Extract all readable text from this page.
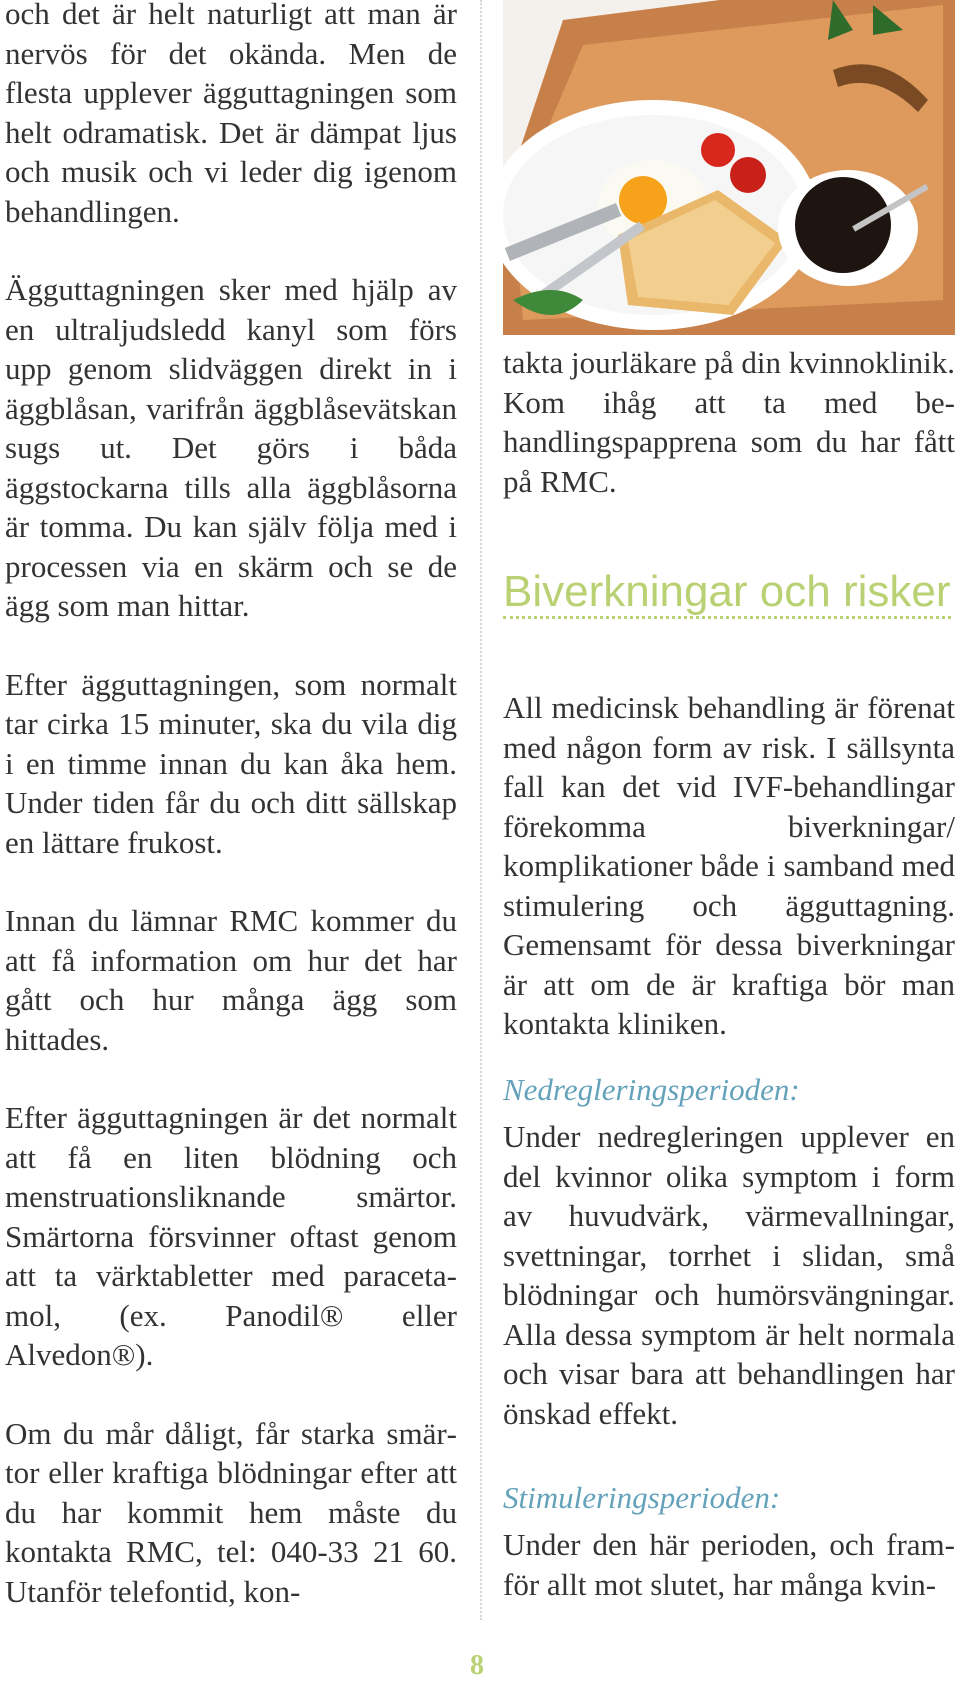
och det är helt naturligt att man är nervös för det okända. Men de flesta upplever ägguttagningen som helt odramatisk. Det är dämpat ljus och musik och vi leder dig igenom behandlingen.

Ägguttagningen sker med hjälp av en ultraljudsledd kanyl som förs upp genom slidväggen direkt in i äggblåsan, varifrån äggblåsevätskan sugs ut. Det görs i båda äggstockarna tills alla äggblåsorna är tomma. Du kan själv följa med i processen via en skärm och se de ägg som man hittar.

Efter ägguttagningen, som normalt tar cirka 15 minuter, ska du vila dig i en timme innan du kan åka hem. Under tiden får du och ditt sällskap en lättare frukost.

Innan du lämnar RMC kommer du att få information om hur det har gått och hur många ägg som hittades.

Efter ägguttagningen är det normalt att få en liten blödning och menstruationsliknande smärtor. Smärtorna försvinner oftast genom att ta värktabletter med paracetamol, (ex. Panodil® eller Alvedon®).

Om du mår dåligt, får starka smärtor eller kraftiga blödningar efter att du har kommit hem måste du kontakta RMC, tel: 040-33 21 60. Utanför telefontid, kon-

takta jourläkare på din kvinnoklinik. Kom ihåg att ta med behandlingspapprena som du har fått på RMC.

Biverkningar och risker

All medicinsk behandling är förenat med någon form av risk. I sällsynta fall kan det vid IVF-behandlingar förekomma biverkningar/ komplikationer både i samband med stimulering och ägguttagning. Gemensamt för dessa biverkningar är att om de är kraftiga bör man kontakta kliniken.

Nedregleringsperioden:

Under nedregleringen upplever en del kvinnor olika symptom i form av huvudvärk, värmevallningar, svettningar, torrhet i slidan, små blödningar och humörsvängningar. Alla dessa symptom är helt normala och visar bara att behandlingen har önskad effekt.

Stimuleringsperioden:

Under den här perioden, och framför allt mot slutet, har många kvin-

8
